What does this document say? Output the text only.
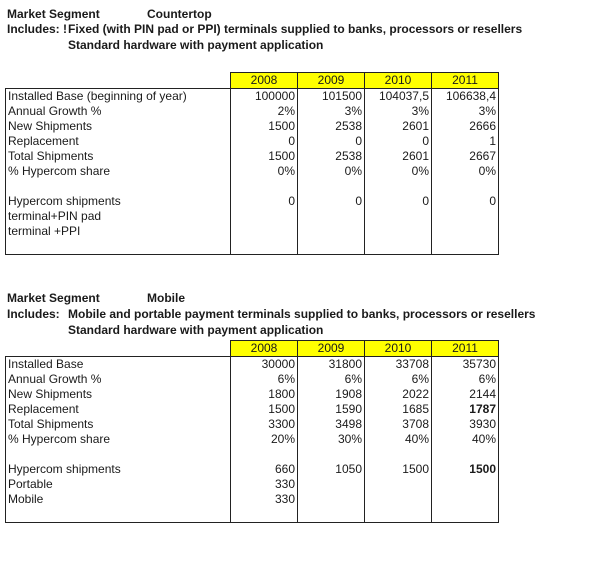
Market Segment	Countertop
Includes: ! Fixed (with PIN pad or PPI) terminals supplied to banks, processors or resellers
Standard hardware with payment application
	2008	2009	2010	2011
Installed Base (beginning of year)	100000	101500	104037,5	106638,4
Annual Growth %	2%	3%	3%	3%
New Shipments	1500	2538	2601	2666
Replacement	0	0	0	1
Total Shipments	1500	2538	2601	2667
% Hypercom share	0%	0%	0%	0%

Hypercom shipments	0	0	0	0
terminal+PIN pad				
terminal +PPI				

Market Segment	Mobile
Includes: Mobile and portable payment terminals supplied to banks, processors or resellers
Standard hardware with payment application
	2008	2009	2010	2011
Installed Base	30000	31800	33708	35730
Annual Growth %	6%	6%	6%	6%
New Shipments	1800	1908	2022	2144
Replacement	1500	1590	1685	1787
Total Shipments	3300	3498	3708	3930
% Hypercom share	20%	30%	40%	40%

Hypercom shipments	660	1050	1500	1500
Portable	330			
Mobile	330			
